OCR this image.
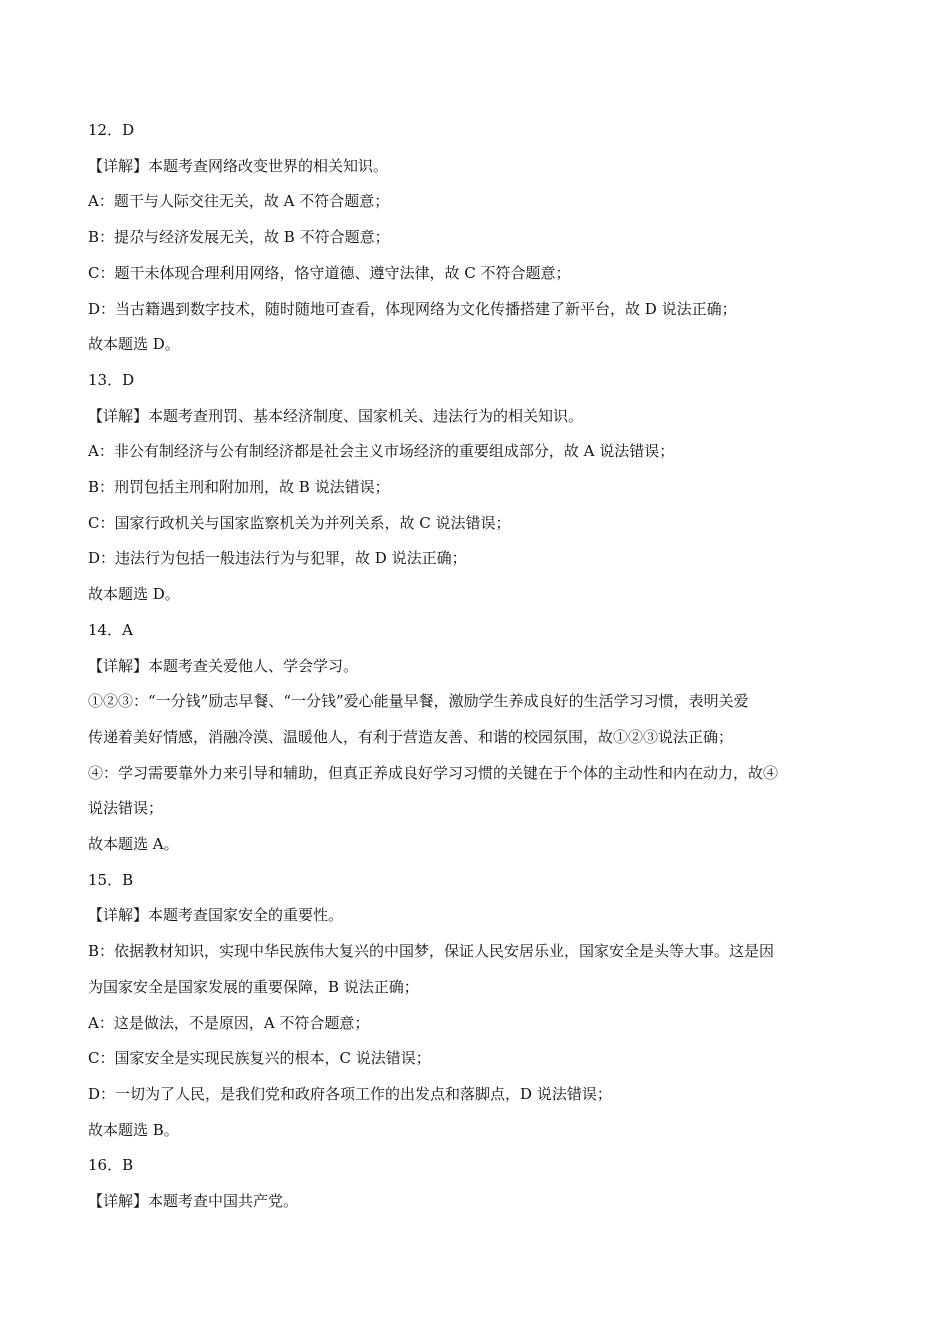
12．D
【详解】本题考查网络改变世界的相关知识。
A：题干与人际交往无关，故 A 不符合题意；
B：提尕与经济发展无关，故 B 不符合题意；
C：题干未体现合理利用网络，恪守道德、遵守法律，故 C 不符合题意；
D：当古籍遇到数字技术，随时随地可查看，体现网络为文化传播搭建了新平台，故 D 说法正确；
故本题选 D。
13．D
【详解】本题考查刑罚、基本经济制度、国家机关、违法行为的相关知识。
A：非公有制经济与公有制经济都是社会主义市场经济的重要组成部分，故 A 说法错误；
B：刑罚包括主刑和附加刑，故 B 说法错误；
C：国家行政机关与国家监察机关为并列关系，故 C 说法错误；
D：违法行为包括一般违法行为与犯罪，故 D 说法正确；
故本题选 D。
14．A
【详解】本题考查关爱他人、学会学习。
①②③：“一分钱”励志早餐、“一分钱”爱心能量早餐，激励学生养成良好的生活学习习惯，表明关爱
传递着美好情感，消融冷漠、温暖他人，有利于营造友善、和谐的校园氛围，故①②③说法正确；
④：学习需要靠外力来引导和辅助，但真正养成良好学习习惯的关键在于个体的主动性和内在动力，故④
说法错误；
故本题选 A。
15．B
【详解】本题考查国家安全的重要性。
B：依据教材知识，实现中华民族伟大复兴的中国梦，保证人民安居乐业，国家安全是头等大事。这是因
为国家安全是国家发展的重要保障，B 说法正确；
A：这是做法，不是原因，A 不符合题意；
C：国家安全是实现民族复兴的根本，C 说法错误；
D：一切为了人民，是我们党和政府各项工作的出发点和落脚点，D 说法错误；
故本题选 B。
16．B
【详解】本题考查中国共产党。
